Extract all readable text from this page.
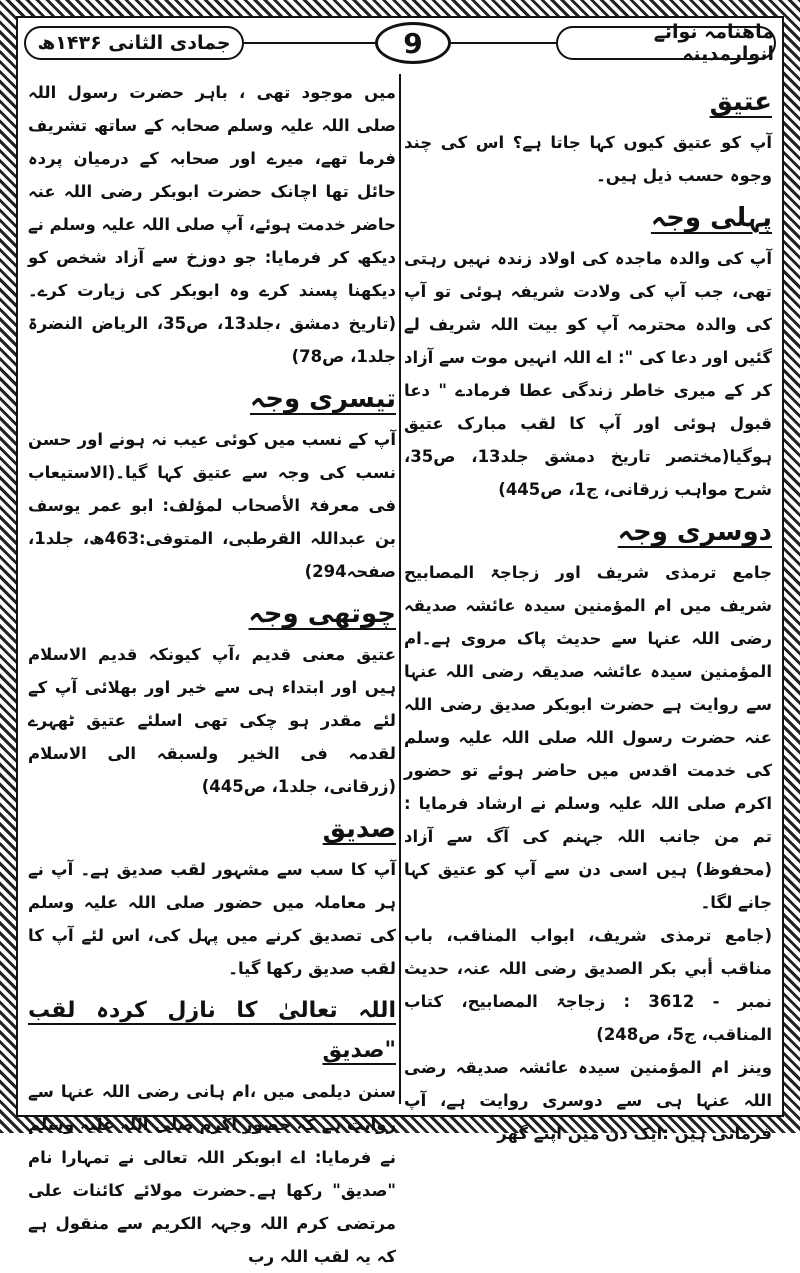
ماھنامہ نوائے انوارمدینہ
9
جمادی الثانی ۱۴۳۶ھ
عتیق

آپ کو عتیق کیوں کہا جاتا ہے؟ اس کی چند وجوہ حسب ذیل ہیں۔

پہلی وجہ

آپ کی والدہ ماجدہ کی اولاد زندہ نہیں رہتی تھی، جب آپ کی ولادت شریفہ ہوئی تو آپ کی والدہ محترمہ آپ کو بیت اللہ شریف لے گئیں اور دعا کی ": اے اللہ انہیں موت سے آزاد کر کے میری خاطر زندگی عطا فرمادے " دعا قبول ہوئی اور آپ کا لقب مبارک عتیق ہوگیا(مختصر تاریخ دمشق جلد13، ص35، شرح مواہب زرقانی، ج1، ص445)

دوسری وجہ

جامع ترمذی شریف اور زجاجۃ المصابیح شریف میں ام المؤمنین سیدہ عائشہ صدیقہ رضی اللہ عنہا سے حدیث پاک مروی ہے۔ام المؤمنین سیدہ عائشہ صدیقہ رضی اللہ عنہا سے روایت ہے حضرت ابوبکر صدیق رضی اللہ عنہ حضرت رسول اللہ صلی اللہ علیہ وسلم کی خدمت اقدس میں حاضر ہوئے تو حضور اکرم صلی اللہ علیہ وسلم نے ارشاد فرمایا : تم من جانب اللہ جہنم کی آگ سے آزاد (محفوظ) ہیں اسی دن سے آپ کو عتیق کہا جانے لگا۔

(جامع ترمذی شریف، ابواب المناقب، باب مناقب أبي بکر الصدیق رضی اللہ عنہ، حدیث نمبر - 3612 : زجاجۃ المصابیح، کتاب المناقب، ج5، ص248)

وینز ام المؤمنین سیدہ عائشہ صدیقہ رضی اللہ عنہا ہی سے دوسری روایت ہے، آپ فرماتی ہیں :ایک دن میں اپنے گھر

میں موجود تھی ، باہر حضرت رسول اللہ صلی اللہ علیہ وسلم صحابہ کے ساتھ تشریف فرما تھے، میرے اور صحابہ کے درمیان پردہ حائل تھا اچانک حضرت ابوبکر رضی اللہ عنہ حاضر خدمت ہوئے، آپ صلی اللہ علیہ وسلم نے دیکھ کر فرمایا: جو دوزخ سے آزاد شخص کو دیکھنا پسند کرے وہ ابوبکر کی زیارت کرے۔(تاریخ دمشق ،جلد13، ص35، الریاض النضرۃ جلد1، ص78)

تیسری وجہ

آپ کے نسب میں کوئی عیب نہ ہونے اور حسن نسب کی وجہ سے عتیق کہا گیا۔(الاستیعاب فی معرفۃ الأصحاب لمؤلف: ابو عمر یوسف بن عبداللہ القرطبی، المتوفی:463ھ، جلد1، صفحہ294)

چوتھی وجہ

عتیق معنی قدیم ،آپ کیونکہ قدیم الاسلام ہیں اور ابتداء ہی سے خیر اور بھلائی آپ کے لئے مقدر ہو چکی تھی اسلئے عتیق ٹھہرے لقدمہ فی الخیر ولسبقہ الی الاسلام (زرقانی، جلد1، ص445)

صدیق

آپ کا سب سے مشہور لقب صدیق ہے۔ آپ نے ہر معاملہ میں حضور صلی اللہ علیہ وسلم کی تصدیق کرنے میں پہل کی، اس لئے آپ کا لقب صدیق رکھا گیا۔

اللہ تعالیٰ کا نازل کردہ لقب "صدیق

سنن دیلمی میں ،ام ہانی رضی اللہ عنہا سے روایت ہے کہ حضور اکرم صلی اللہ علیہ وسلم نے فرمایا: اے ابوبکر اللہ تعالی نے تمہارا نام "صدیق" رکھا ہے۔حضرت مولائے کائنات علی مرتضی کرم اللہ وجہہ الکریم سے منقول ہے کہ یہ لقب اللہ رب
